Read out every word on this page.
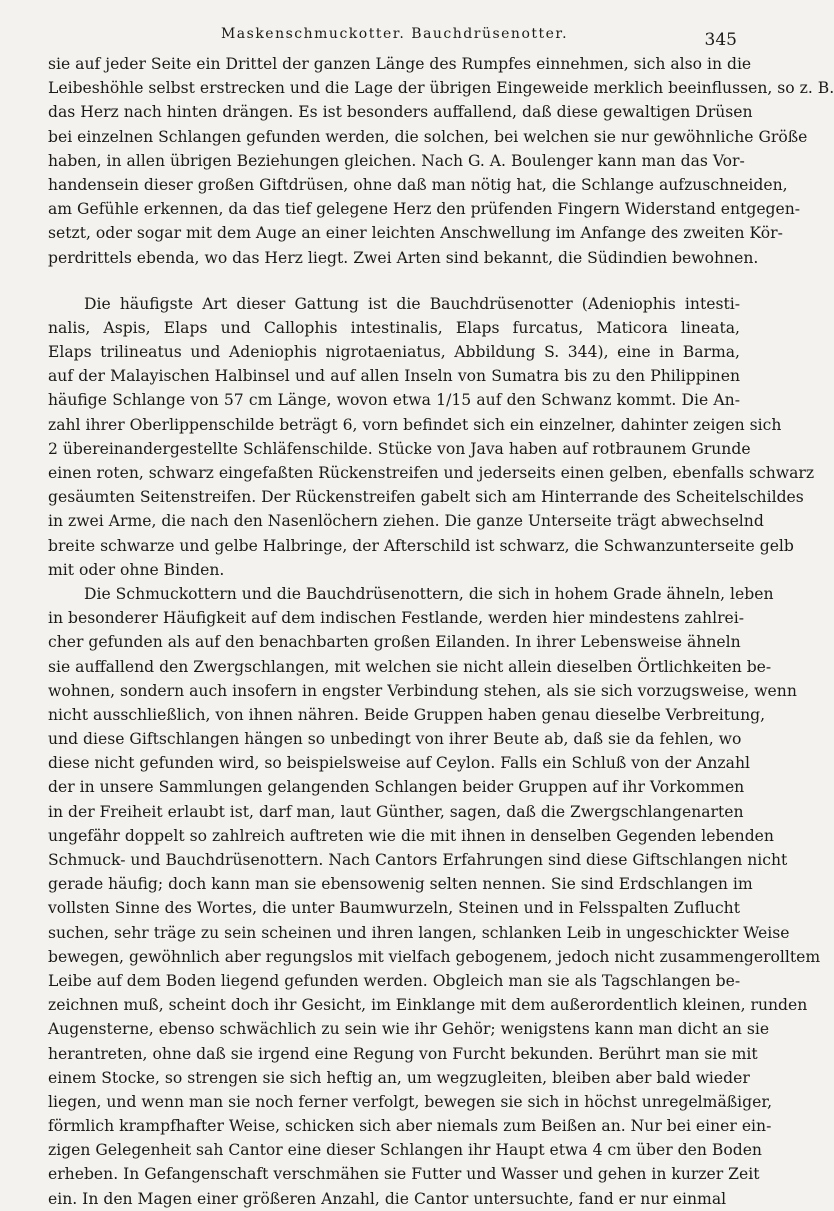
Maskenschmuckotter. Bauchdrüsenotter.	345
sie auf jeder Seite ein Drittel der ganzen Länge des Rumpfes einnehmen, sich also in die
Leibeshöhle selbst erstrecken und die Lage der übrigen Eingeweide merklich beeinflussen, so z. B.
das Herz nach hinten drängen. Es ist besonders auffallend, daß diese gewaltigen Drüsen
bei einzelnen Schlangen gefunden werden, die solchen, bei welchen sie nur gewöhnliche Größe
haben, in allen übrigen Beziehungen gleichen. Nach G. A. Boulenger kann man das Vor-
handensein dieser großen Giftdrüsen, ohne daß man nötig hat, die Schlange aufzuschneiden,
am Gefühle erkennen, da das tief gelegene Herz den prüfenden Fingern Widerstand entgegen-
setzt, oder sogar mit dem Auge an einer leichten Anschwellung im Anfange des zweiten Kör-
perdrittels ebenda, wo das Herz liegt. Zwei Arten sind bekannt, die Südindien bewohnen.
Die häufigste Art dieser Gattung ist die Bauchdrüsenotter (Adeniophis intesti-
nalis, Aspis, Elaps und Callophis intestinalis, Elaps furcatus, Maticora lineata,
Elaps trilineatus und Adeniophis nigrotaeniatus, Abbildung S. 344), eine in Barma,
auf der Malayischen Halbinsel und auf allen Inseln von Sumatra bis zu den Philippinen
häufige Schlange von 57 cm Länge, wovon etwa 1/15 auf den Schwanz kommt. Die An-
zahl ihrer Oberlippenschilde beträgt 6, vorn befindet sich ein einzelner, dahinter zeigen sich
2 übereinandergestellte Schläfenschilde. Stücke von Java haben auf rotbraunem Grunde
einen roten, schwarz eingefaßten Rückenstreifen und jederseits einen gelben, ebenfalls schwarz
gesäumten Seitenstreifen. Der Rückenstreifen gabelt sich am Hinterrande des Scheitelschildes
in zwei Arme, die nach den Nasenlöchern ziehen. Die ganze Unterseite trägt abwechselnd
breite schwarze und gelbe Halbringe, der Afterschild ist schwarz, die Schwanzunterseite gelb
mit oder ohne Binden.
Die Schmuckottern und die Bauchdrüsenottern, die sich in hohem Grade ähneln, leben
in besonderer Häufigkeit auf dem indischen Festlande, werden hier mindestens zahlrei-
cher gefunden als auf den benachbarten großen Eilanden. In ihrer Lebensweise ähneln
sie auffallend den Zwergschlangen, mit welchen sie nicht allein dieselben Örtlichkeiten be-
wohnen, sondern auch insofern in engster Verbindung stehen, als sie sich vorzugsweise, wenn
nicht ausschließlich, von ihnen nähren. Beide Gruppen haben genau dieselbe Verbreitung,
und diese Giftschlangen hängen so unbedingt von ihrer Beute ab, daß sie da fehlen, wo
diese nicht gefunden wird, so beispielsweise auf Ceylon. Falls ein Schluß von der Anzahl
der in unsere Sammlungen gelangenden Schlangen beider Gruppen auf ihr Vorkommen
in der Freiheit erlaubt ist, darf man, laut Günther, sagen, daß die Zwergschlangenarten
ungefähr doppelt so zahlreich auftreten wie die mit ihnen in denselben Gegenden lebenden
Schmuck- und Bauchdrüsenottern. Nach Cantors Erfahrungen sind diese Giftschlangen nicht
gerade häufig; doch kann man sie ebensowenig selten nennen. Sie sind Erdschlangen im
vollsten Sinne des Wortes, die unter Baumwurzeln, Steinen und in Felsspalten Zuflucht
suchen, sehr träge zu sein scheinen und ihren langen, schlanken Leib in ungeschickter Weise
bewegen, gewöhnlich aber regungslos mit vielfach gebogenem, jedoch nicht zusammengerolltem
Leibe auf dem Boden liegend gefunden werden. Obgleich man sie als Tagschlangen be-
zeichnen muß, scheint doch ihr Gesicht, im Einklange mit dem außerordentlich kleinen, runden
Augensterne, ebenso schwächlich zu sein wie ihr Gehör; wenigstens kann man dicht an sie
herantreten, ohne daß sie irgend eine Regung von Furcht bekunden. Berührt man sie mit
einem Stocke, so strengen sie sich heftig an, um wegzugleiten, bleiben aber bald wieder
liegen, und wenn man sie noch ferner verfolgt, bewegen sie sich in höchst unregelmäßiger,
förmlich krampfhafter Weise, schicken sich aber niemals zum Beißen an. Nur bei einer ein-
zigen Gelegenheit sah Cantor eine dieser Schlangen ihr Haupt etwa 4 cm über den Boden
erheben. In Gefangenschaft verschmähen sie Futter und Wasser und gehen in kurzer Zeit
ein. In den Magen einer größeren Anzahl, die Cantor untersuchte, fand er nur einmal
